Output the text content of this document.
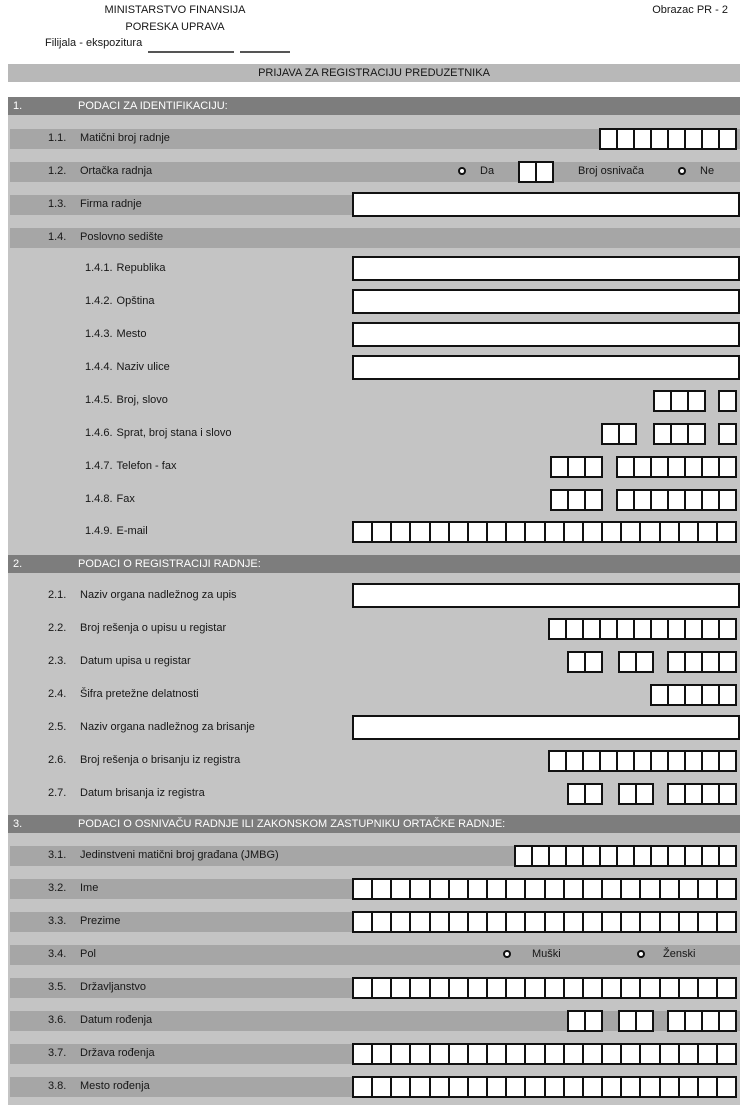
MINISTARSTVO FINANSIJA
PORESKA UPRAVA
Obrazac PR - 2
Filijala - ekspozitura
PRIJAVA ZA REGISTRACIJU PREDUZETNIKA
1.	PODACI ZA IDENTIFIKACIJU:
1.1. Matični broj radnje
1.2. Ortačka radnja	Da	Broj osnivača	Ne
1.3. Firma radnje
1.4. Poslovno sedište
1.4.1. Republika
1.4.2. Opština
1.4.3. Mesto
1.4.4. Naziv ulice
1.4.5. Broj, slovo
1.4.6. Sprat, broj stana i slovo
1.4.7. Telefon - fax
1.4.8. Fax
1.4.9. E-mail
2.	PODACI O REGISTRACIJI RADNJE:
2.1. Naziv organa nadležnog za upis
2.2. Broj rešenja o upisu u registar
2.3. Datum upisa u registar
2.4. Šifra pretežne delatnosti
2.5. Naziv organa nadležnog za brisanje
2.6. Broj rešenja o brisanju iz registra
2.7. Datum brisanja iz registra
3.	PODACI O OSNIVAČU RADNJE ILI ZAKONSKOM ZASTUPNIKU ORTAČKE RADNJE:
3.1. Jedinstveni matični broj građana (JMBG)
3.2. Ime
3.3. Prezime
3.4. Pol	Muški	Ženski
3.5. Državljanstvo
3.6. Datum rođenja
3.7. Država rođenja
3.8. Mesto rođenja
